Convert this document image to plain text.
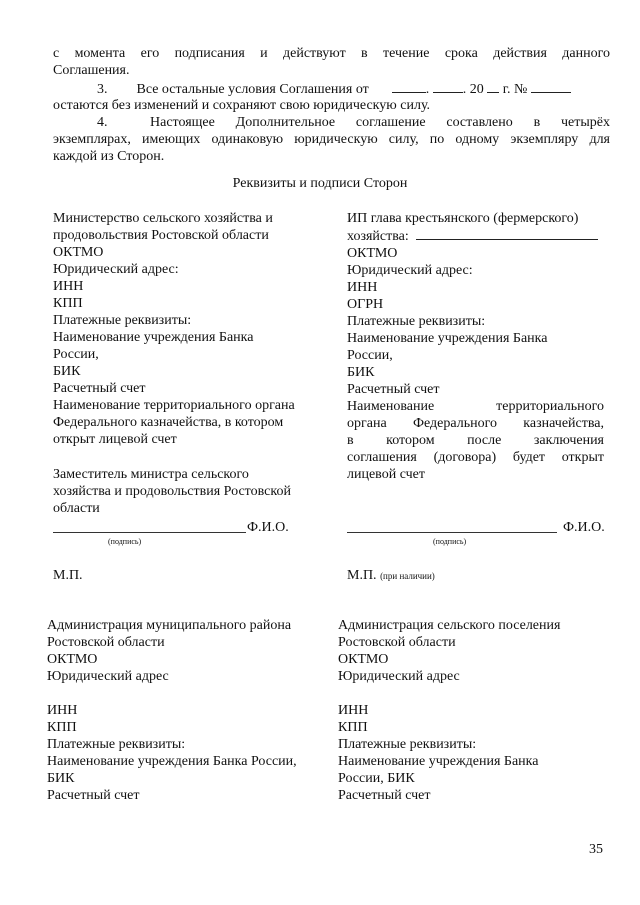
с момента его подписания и действуют в течение срока действия данного
Соглашения.
3. Все остальные условия Соглашения от	. . 20 г. №
остаются без изменений и сохраняют свою юридическую силу.
4.	Настоящее Дополнительное соглашение составлено в четырёх
экземплярах, имеющих одинаковую юридическую силу, по одному экземпляру для
каждой из Сторон.
Реквизиты и подписи Сторон
Министерство сельского хозяйства и
продовольствия Ростовской области
ОКТМО
Юридический адрес:
ИНН
КПП
Платежные реквизиты:
Наименование учреждения Банка
России,
БИК
Расчетный счет
Наименование территориального органа
Федерального казначейства, в котором
открыт лицевой счет
Заместитель министра сельского
хозяйства и продовольствия Ростовской
области
Ф.И.О.
(подпись)
М.П.
ИП глава крестьянского (фермерского)
хозяйства:
ОКТМО
Юридический адрес:
ИНН
ОГРН
Платежные реквизиты:
Наименование учреждения Банка
России,
БИК
Расчетный счет
Наименование территориального
органа Федерального казначейства,
в котором после заключения
соглашения (договора) будет открыт
лицевой счет
Ф.И.О.
(подпись)
М.П. (при наличии)
Администрация муниципального района
Ростовской области
ОКТМО
Юридический адрес
ИНН
КПП
Платежные реквизиты:
Наименование учреждения Банка России,
БИК
Расчетный счет
Администрация сельского поселения
Ростовской области
ОКТМО
Юридический адрес
ИНН
КПП
Платежные реквизиты:
Наименование учреждения Банка
России, БИК
Расчетный счет
35
